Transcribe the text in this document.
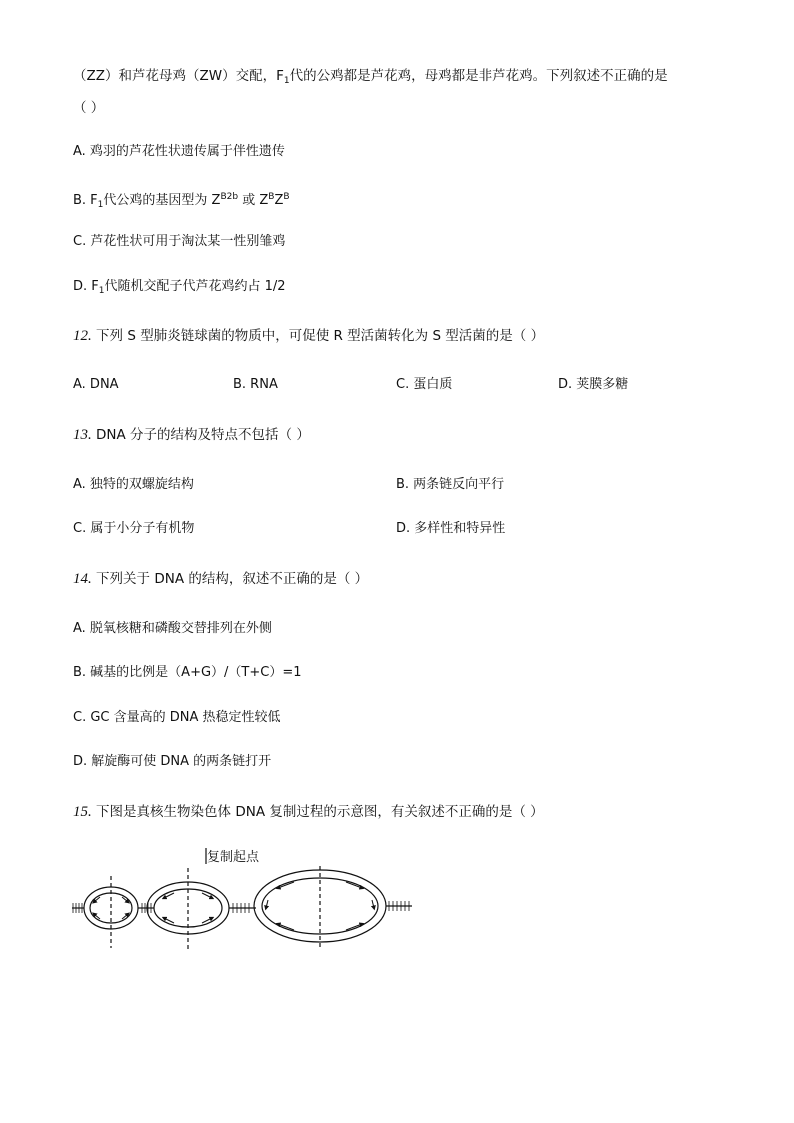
（ZZ）和芦花母鸡（ZW）交配，$F_1$代的公鸡都是芦花鸡，母鸡都是非芦花鸡。下列叙述不正确的是
（ ）
A. 鸡羽的芦花性状遗传属于伴性遗传
B. $F_1$代公鸡的基因型为 $Z^{B2b}$ 或 $Z^BZ^B$
C. 芦花性状可用于淘汰某一性别雏鸡
D. $F_1$代随机交配子代芦花鸡约占 1/2
12. 下列 S 型肺炎链球菌的物质中，可促使 R 型活菌转化为 S 型活菌的是（ ）
A. DNA	B. RNA	C. 蛋白质	D. 荚膜多糖
13. DNA 分子的结构及特点不包括（ ）
A. 独特的双螺旋结构	B. 两条链反向平行
C. 属于小分子有机物	D. 多样性和特异性
14. 下列关于 DNA 的结构，叙述不正确的是（ ）
A. 脱氧核糖和磷酸交替排列在外侧
B. 碱基的比例是（A+G）/（T+C）=1
C. GC 含量高的 DNA 热稳定性较低
D. 解旋酶可使 DNA 的两条链打开
15. 下图是真核生物染色体 DNA 复制过程的示意图，有关叙述不正确的是（ ）
复制起点
